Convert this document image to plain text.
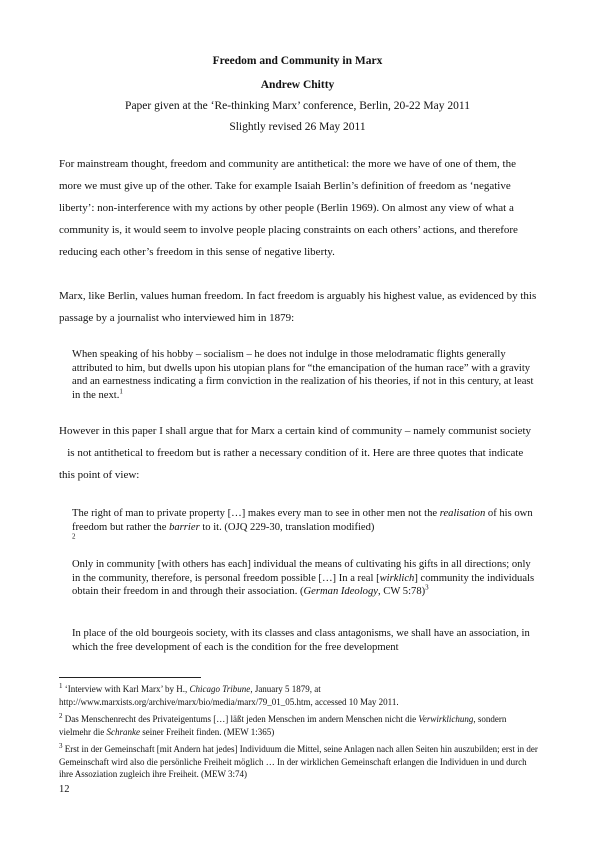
Freedom and Community in Marx
Andrew Chitty
Paper given at the ‘Re-thinking Marx’ conference, Berlin, 20-22 May 2011
Slightly revised 26 May 2011
For mainstream thought, freedom and community are antithetical: the more we have of one of them, the more we must give up of the other. Take for example Isaiah Berlin’s definition of freedom as ‘negative liberty’: non-interference with my actions by other people (Berlin 1969). On almost any view of what a community is, it would seem to involve people placing constraints on each others’ actions, and therefore reducing each other’s freedom in this sense of negative liberty.
Marx, like Berlin, values human freedom. In fact freedom is arguably his highest value, as evidenced by this passage by a journalist who interviewed him in 1879:
When speaking of his hobby – socialism – he does not indulge in those melodramatic flights generally attributed to him, but dwells upon his utopian plans for “the emancipation of the human race” with a gravity and an earnestness indicating a firm conviction in the realization of his theories, if not in this century, at least in the next.$^1$
However in this paper I shall argue that for Marx a certain kind of community – namely communist society    is not antithetical to freedom but is rather a necessary condition of it. Here are three quotes that indicate this point of view:
The right of man to private property […] makes every man to see in other men not the realisation of his own freedom but rather the barrier to it. (OJQ 229-30, translation modified)
$^2$
Only in community [with others has each] individual the means of cultivating his gifts in all directions; only in the community, therefore, is personal freedom possible […] In a real [wirklich] community the individuals obtain their freedom in and through their association. (German Ideology, CW 5:78)$^3$
In place of the old bourgeois society, with its classes and class antagonisms, we shall have an association, in which the free development of each is the condition for the free development
$^1$ ‘Interview with Karl Marx’ by H., Chicago Tribune, January 5 1879, at http://www.marxists.org/archive/marx/bio/media/marx/79_01_05.htm, accessed 10 May 2011.
$^2$ Das Menschenrecht des Privateigentums […] läßt jeden Menschen im andern Menschen nicht die Verwirklichung, sondern vielmehr die Schranke seiner Freiheit finden. (MEW 1:365)
$^3$ Erst in der Gemeinschaft [mit Andern hat jedes] Individuum die Mittel, seine Anlagen nach allen Seiten hin auszubilden; erst in der Gemeinschaft wird also die persönliche Freiheit möglich … In der wirklichen Gemeinschaft erlangen die Individuen in und durch ihre Assoziation zugleich ihre Freiheit. (MEW 3:74)
12
